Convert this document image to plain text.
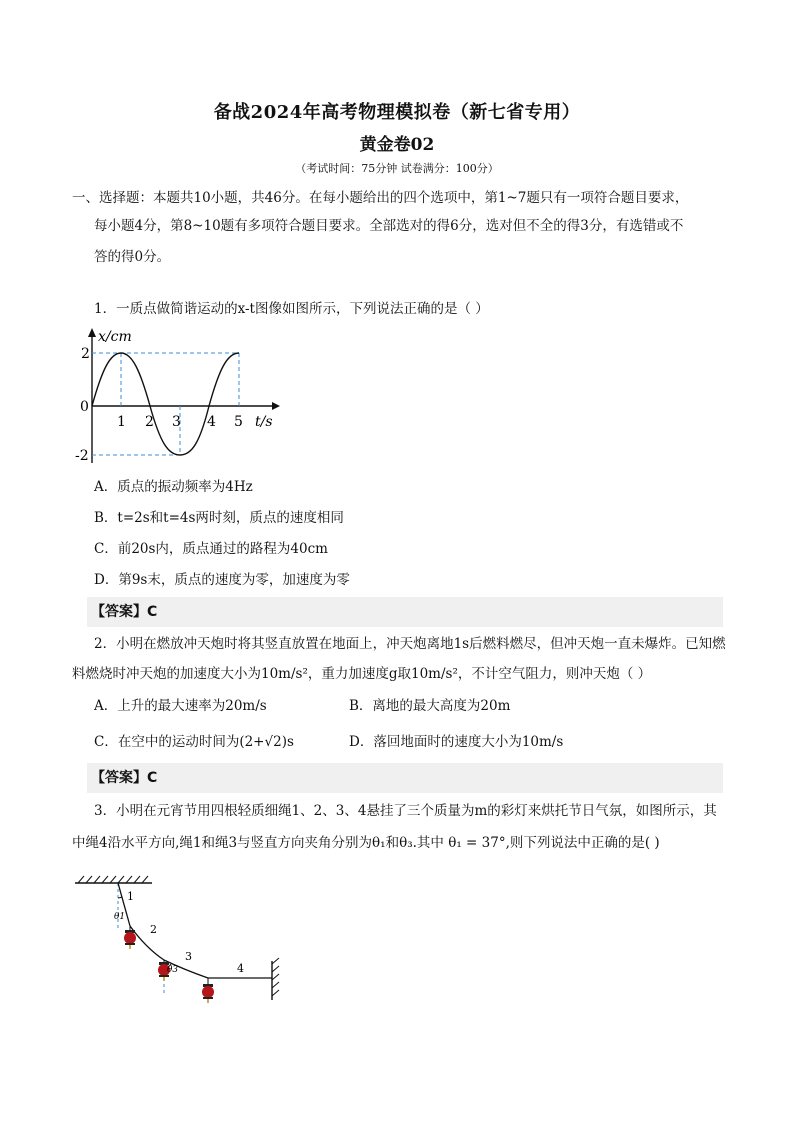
备战2024年高考物理模拟卷（新七省专用）
黄金卷02
（考试时间：75分钟 试卷满分：100分）
一、选择题：本题共10小题，共46分。在每小题给出的四个选项中，第1~7题只有一项符合题目要求，
每小题4分，第8~10题有多项符合题目要求。全部选对的得6分，选对但不全的得3分，有选错或不
答的得0分。
1．一质点做简谐运动的x-t图像如图所示，下列说法正确的是（ ）
x/cm
2
0
-2
1 2 3 4 5 t/s
A．质点的振动频率为4Hz
B．t=2s和t=4s两时刻，质点的速度相同
C．前20s内，质点通过的路程为40cm
D．第9s末，质点的速度为零，加速度为零
【答案】C
2．小明在燃放冲天炮时将其竖直放置在地面上，冲天炮离地1s后燃料燃尽，但冲天炮一直未爆炸。已知燃
料燃烧时冲天炮的加速度大小为10m/s²，重力加速度g取10m/s²，不计空气阻力，则冲天炮（ ）
A．上升的最大速率为20m/s	B．离地的最大高度为20m
C．在空中的运动时间为(2+√2)s	D．落回地面时的速度大小为10m/s
【答案】C
3．小明在元宵节用四根轻质细绳1、2、3、4悬挂了三个质量为m的彩灯来烘托节日气氛，如图所示，其
中绳4沿水平方向,绳1和绳3与竖直方向夹角分别为θ₁和θ₃.其中 θ₁ = 37°,则下列说法中正确的是( )
1
2
3
4
θ1
θ3
